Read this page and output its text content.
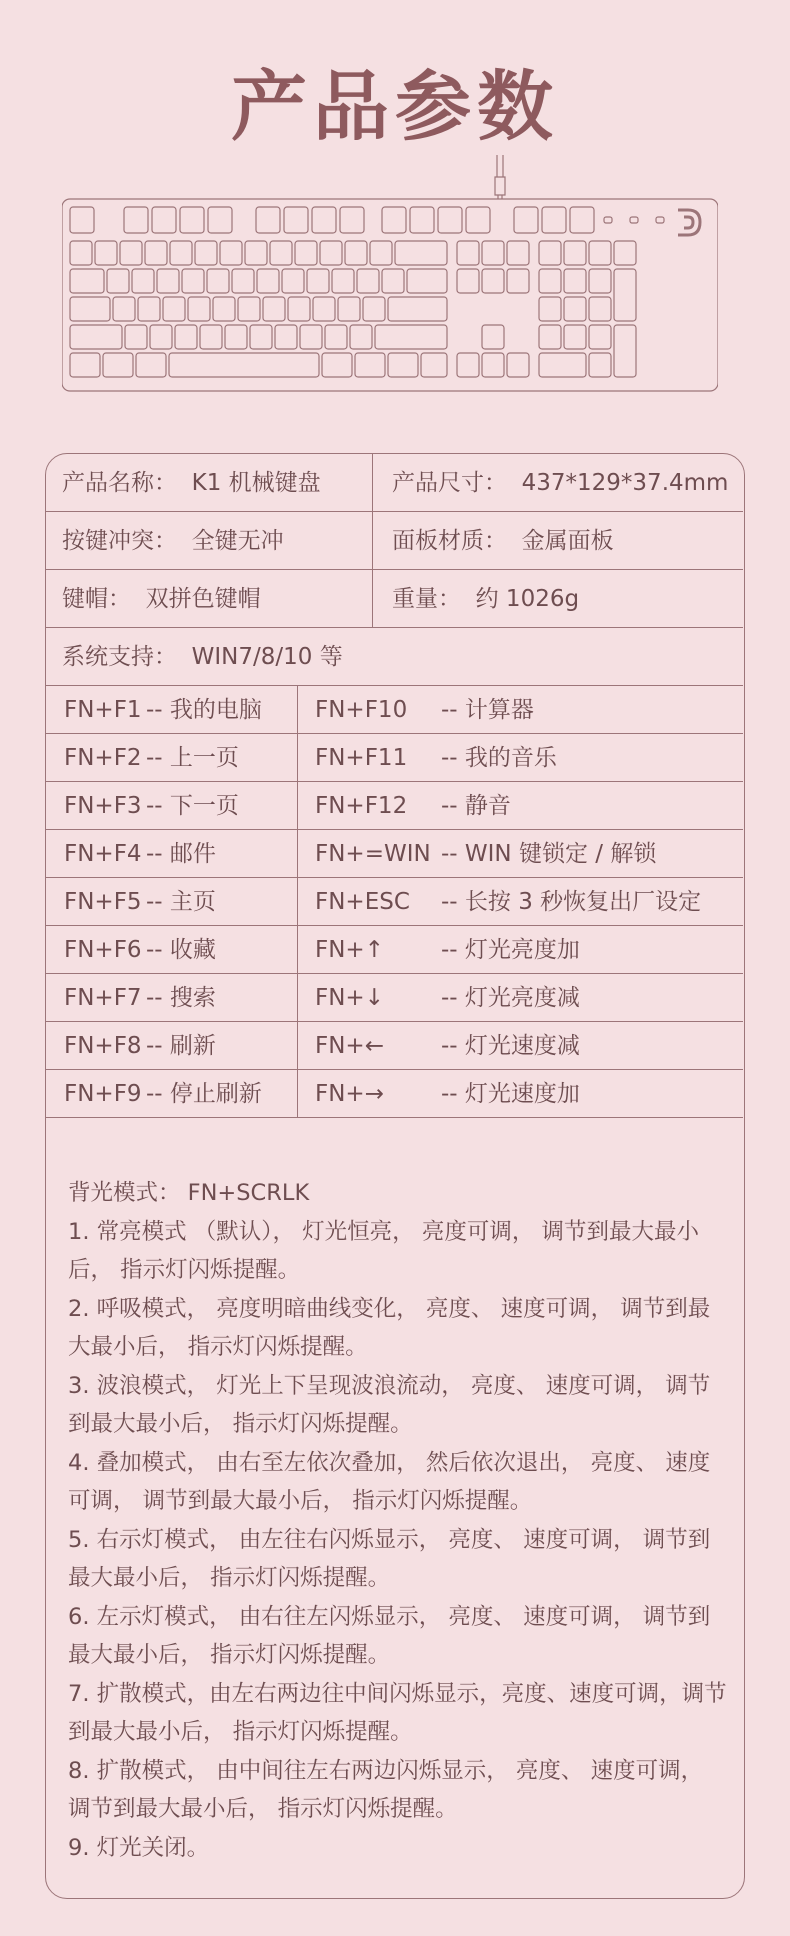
产品参数
产品名称： K1 机械键盘	产品尺寸： 437*129*37.4mm
按键冲突： 全键无冲	面板材质： 金属面板
键帽： 双拼色键帽	重量： 约 1026g
系统支持： WIN7/8/10 等
FN+F1 -- 我的电脑 FN+F10 -- 计算器
FN+F2 -- 上一页	FN+F11 -- 我的音乐
FN+F3 -- 下一页	FN+F12 -- 静音
FN+F4 -- 邮件	FN+=WIN -- WIN 键锁定 / 解锁
FN+F5 -- 主页	FN+ESC -- 长按 3 秒恢复出厂设定
FN+F6 -- 收藏	FN+↑ -- 灯光亮度加
FN+F7 -- 搜索	FN+↓ -- 灯光亮度减
FN+F8 -- 刷新	FN+← -- 灯光速度减
FN+F9 -- 停止刷新 FN+→ -- 灯光速度加

背光模式： FN+SCRLK

1. 常亮模式 （默认）， 灯光恒亮， 亮度可调， 调节到最大最小后， 指示灯闪烁提醒。

2. 呼吸模式， 亮度明暗曲线变化， 亮度、 速度可调， 调节到最大最小后， 指示灯闪烁提醒。

3. 波浪模式， 灯光上下呈现波浪流动， 亮度、 速度可调， 调节到最大最小后， 指示灯闪烁提醒。

4. 叠加模式， 由右至左依次叠加， 然后依次退出， 亮度、 速度可调， 调节到最大最小后， 指示灯闪烁提醒。

5. 右示灯模式， 由左往右闪烁显示， 亮度、 速度可调， 调节到最大最小后， 指示灯闪烁提醒。

6. 左示灯模式， 由右往左闪烁显示， 亮度、 速度可调， 调节到最大最小后， 指示灯闪烁提醒。

7. 扩散模式，由左右两边往中间闪烁显示，亮度、速度可调，调节到最大最小后， 指示灯闪烁提醒。

8. 扩散模式， 由中间往左右两边闪烁显示， 亮度、 速度可调， 调节到最大最小后， 指示灯闪烁提醒。

9. 灯光关闭。
